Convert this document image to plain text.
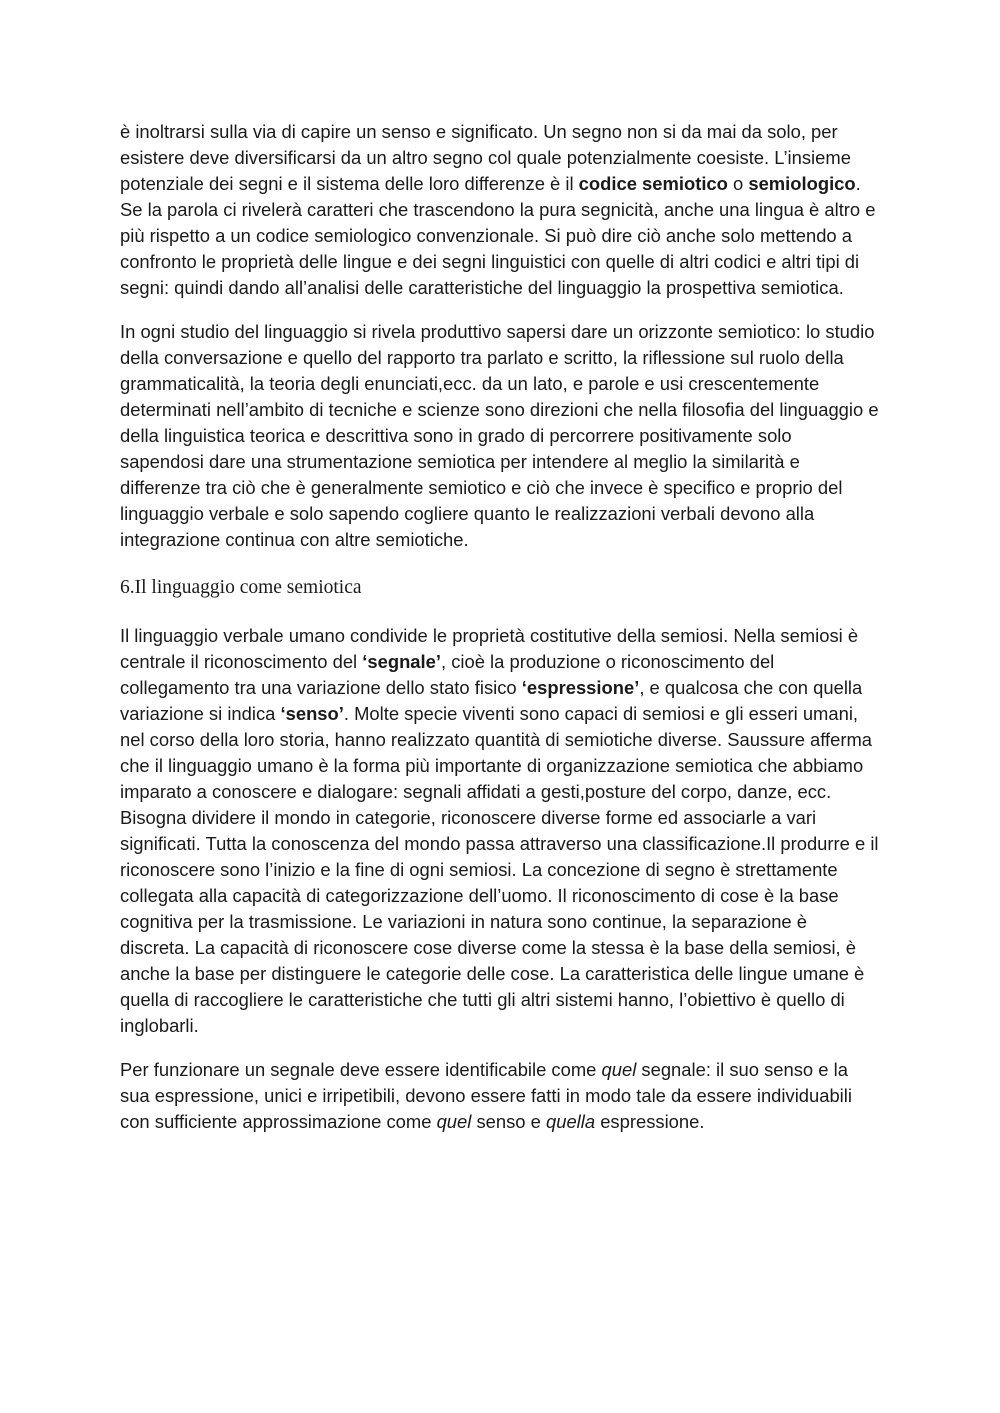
è inoltrarsi sulla via di capire un senso e significato. Un segno non si da mai da solo, per esistere deve diversificarsi da un altro segno col quale potenzialmente coesiste. L’insieme potenziale dei segni e il sistema delle loro differenze è il codice semiotico o semiologico. Se la parola ci rivelerà caratteri che trascendono la pura segnicità, anche una lingua è altro e più rispetto a un codice semiologico convenzionale. Si può dire ciò anche solo mettendo a confronto le proprietà delle lingue e dei segni linguistici con quelle di altri codici e altri tipi di segni: quindi dando all’analisi delle caratteristiche del linguaggio la prospettiva semiotica.

In ogni studio del linguaggio si rivela produttivo sapersi dare un orizzonte semiotico: lo studio della conversazione e quello del rapporto tra parlato e scritto, la riflessione sul ruolo della grammaticalità, la teoria degli enunciati,ecc. da un lato, e parole e usi crescentemente determinati nell’ambito di tecniche e scienze sono direzioni che nella filosofia del linguaggio e della linguistica teorica e descrittiva sono in grado di percorrere positivamente solo sapendosi dare una strumentazione semiotica per intendere al meglio la similarità e differenze tra ciò che è generalmente semiotico e ciò che invece è specifico e proprio del linguaggio verbale e solo sapendo cogliere quanto le realizzazioni verbali devono alla integrazione continua con altre semiotiche.

6.Il linguaggio come semiotica

Il linguaggio verbale umano condivide le proprietà costitutive della semiosi. Nella semiosi è centrale il riconoscimento del ‘segnale’, cioè la produzione o riconoscimento del collegamento tra una variazione dello stato fisico ‘espressione’, e qualcosa che con quella variazione si indica ‘senso’. Molte specie viventi sono capaci di semiosi e gli esseri umani, nel corso della loro storia, hanno realizzato quantità di semiotiche diverse. Saussure afferma che il linguaggio umano è la forma più importante di organizzazione semiotica che abbiamo imparato a conoscere e dialogare: segnali affidati a gesti,posture del corpo, danze, ecc.

Bisogna dividere il mondo in categorie, riconoscere diverse forme ed associarle a vari significati. Tutta la conoscenza del mondo passa attraverso una classificazione.Il produrre e il riconoscere sono l’inizio e la fine di ogni semiosi. La concezione di segno è strettamente collegata alla capacità di categorizzazione dell’uomo. Il riconoscimento di cose è la base cognitiva per la trasmissione. Le variazioni in natura sono continue, la separazione è discreta. La capacità di riconoscere cose diverse come la stessa è la base della semiosi, è anche la base per distinguere le categorie delle cose. La caratteristica delle lingue umane è quella di raccogliere le caratteristiche che tutti gli altri sistemi hanno, l’obiettivo è quello di inglobarli.

Per funzionare un segnale deve essere identificabile come quel segnale: il suo senso e la sua espressione, unici e irripetibili, devono essere fatti in modo tale da essere individuabili con sufficiente approssimazione come quel senso e quella espressione.
